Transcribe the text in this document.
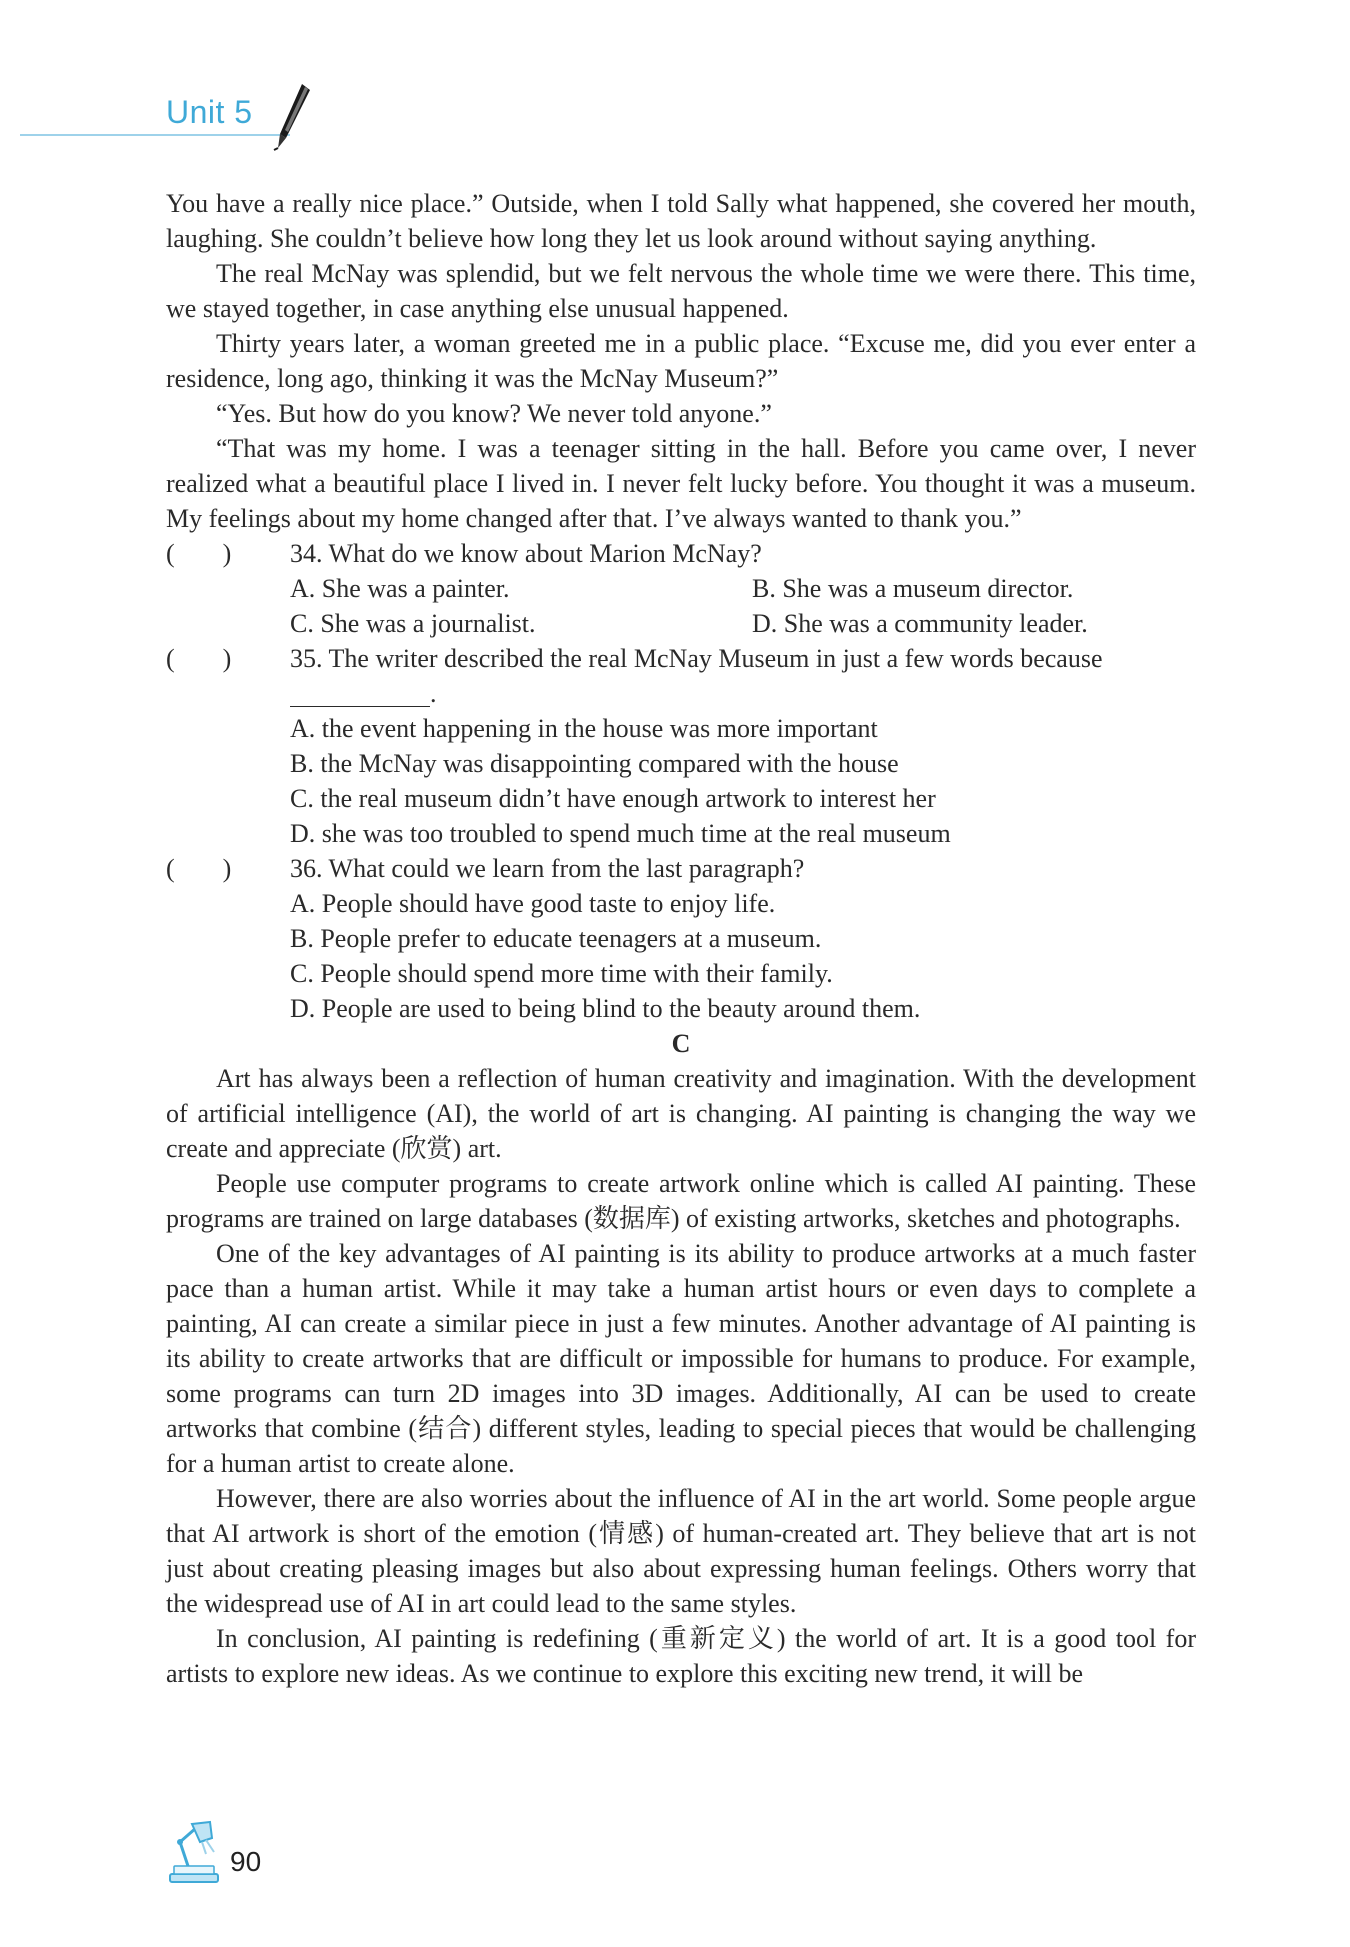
Unit 5

You have a really nice place.” Outside, when I told Sally what happened, she covered her mouth, laughing. She couldn’t believe how long they let us look around without saying anything.

The real McNay was splendid, but we felt nervous the whole time we were there. This time, we stayed together, in case anything else unusual happened.

Thirty years later, a woman greeted me in a public place. “Excuse me, did you ever enter a residence, long ago, thinking it was the McNay Museum?”

“Yes. But how do you know? We never told anyone.”

“That was my home. I was a teenager sitting in the hall. Before you came over, I never realized what a beautiful place I lived in. I never felt lucky before. You thought it was a museum. My feelings about my home changed after that. I’ve always wanted to thank you.”

( ) 34. What do we know about Marion McNay?
A. She was a painter.	B. She was a museum director.
C. She was a journalist.	D. She was a community leader.
( ) 35. The writer described the real McNay Museum in just a few words because
.
A. the event happening in the house was more important
B. the McNay was disappointing compared with the house
C. the real museum didn’t have enough artwork to interest her
D. she was too troubled to spend much time at the real museum
( ) 36. What could we learn from the last paragraph?
A. People should have good taste to enjoy life.
B. People prefer to educate teenagers at a museum.
C. People should spend more time with their family.
D. People are used to being blind to the beauty around them.
C

Art has always been a reflection of human creativity and imagination. With the development of artificial intelligence (AI), the world of art is changing. AI painting is changing the way we create and appreciate (欣赏) art.

People use computer programs to create artwork online which is called AI painting. These programs are trained on large databases (数据库) of existing artworks, sketches and photographs.

One of the key advantages of AI painting is its ability to produce artworks at a much faster pace than a human artist. While it may take a human artist hours or even days to complete a painting, AI can create a similar piece in just a few minutes. Another advantage of AI painting is its ability to create artworks that are difficult or impossible for humans to produce. For example, some programs can turn 2D images into 3D images. Additionally, AI can be used to create artworks that combine (结合) different styles, leading to special pieces that would be challenging for a human artist to create alone.

However, there are also worries about the influence of AI in the art world. Some people argue that AI artwork is short of the emotion (情感) of human-created art. They believe that art is not just about creating pleasing images but also about expressing human feelings. Others worry that the widespread use of AI in art could lead to the same styles.

In conclusion, AI painting is redefining (重新定义) the world of art. It is a good tool for artists to explore new ideas. As we continue to explore this exciting new trend, it will be

90
